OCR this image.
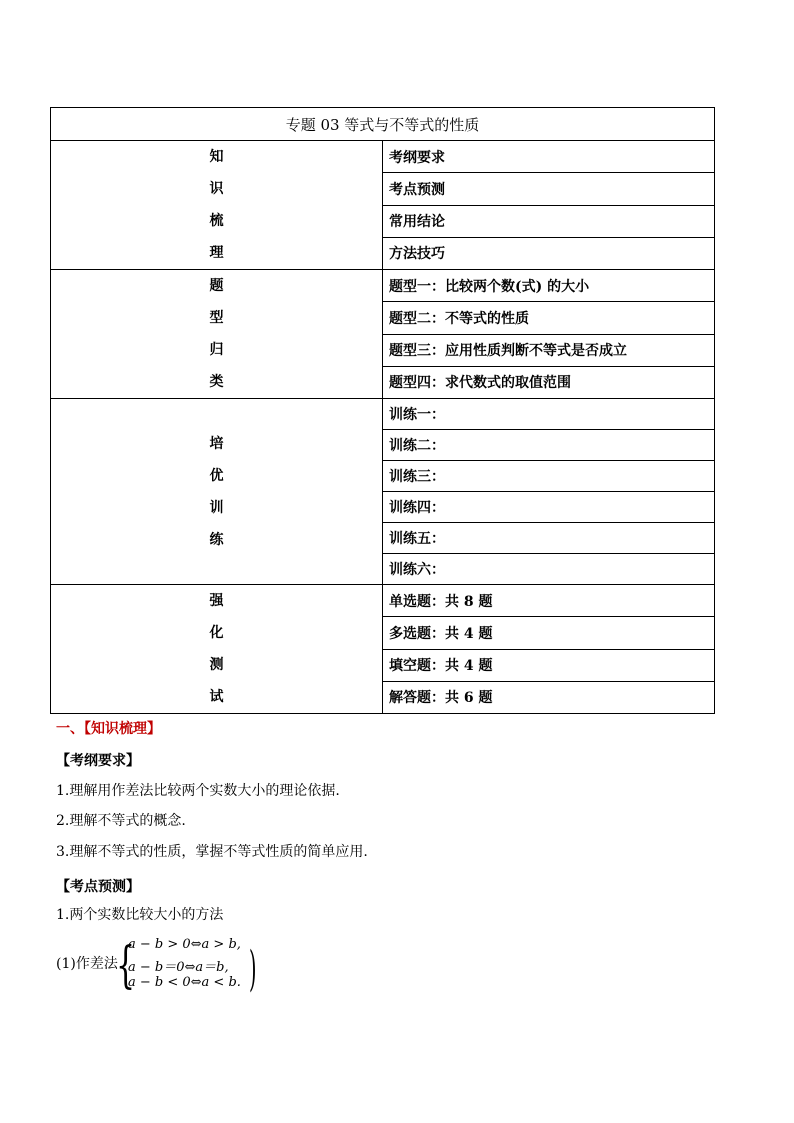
专题 03 等式与不等式的性质	

知
识
梳
理	考纲要求
	考点预测
	常用结论
	方法技巧

题
型
归
类	题型一：比较两个数(式) 的大小
	题型二：不等式的性质
	题型三：应用性质判断不等式是否成立
	题型四：求代数式的取值范围

培
优
训
练	训练一：
	训练二：
	训练三：
	训练四：
	训练五：
	训练六：

强
化
测
试	单选题：共 8 题
	多选题：共 4 题
	填空题：共 4 题
	解答题：共 6 题
一、【知识梳理】
【考纲要求】
1.理解用作差法比较两个实数大小的理论依据.
2.理解不等式的概念.
3.理解不等式的性质，掌握不等式性质的简单应用.
【考点预测】
1.两个实数比较大小的方法
(1)作差法
{
a − b > 0⇔a > b,
a − b＝0⇔a＝b,
a − b < 0⇔a < b. )
